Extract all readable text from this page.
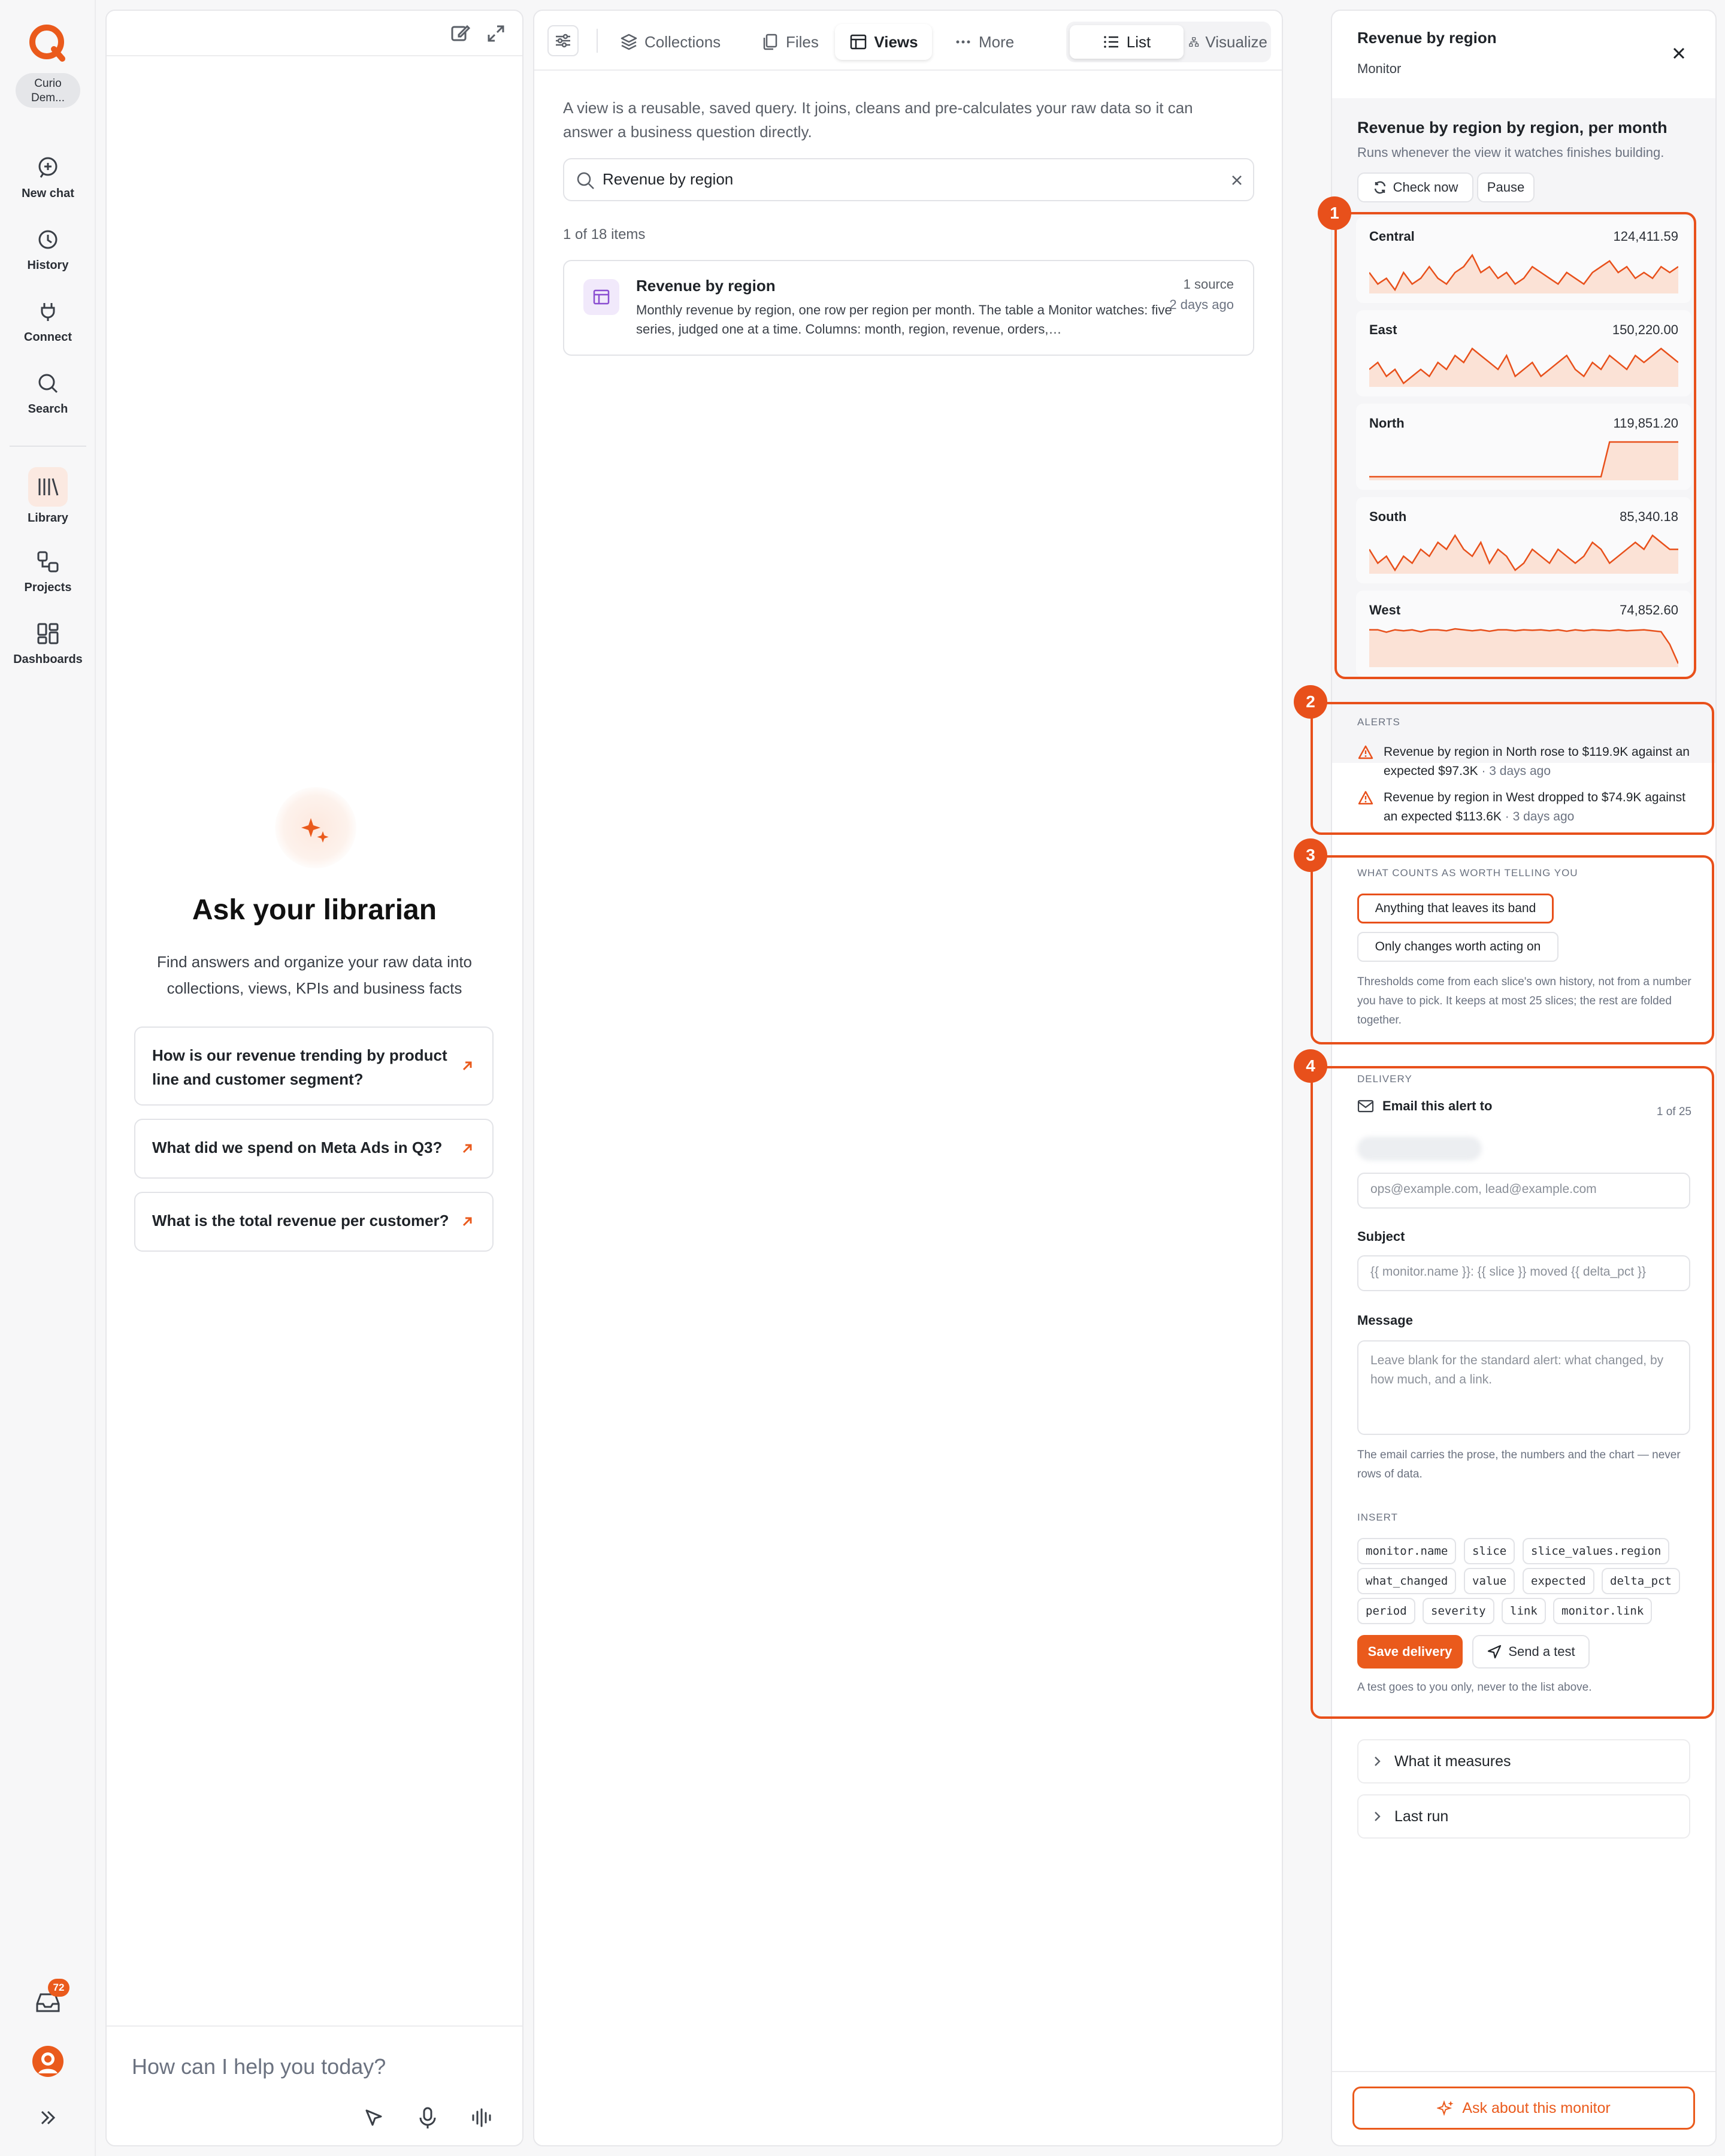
Curio Dem...
New chat
History
Connect
Search
Library
Projects
Dashboards
72
Ask your librarian
Find answers and organize your raw data into collections, views, KPIs and business facts
How is our revenue trending by product line and customer segment?
What did we spend on Meta Ads in Q3?
What is the total revenue per customer?
How can I help you today?
Collections	Files	Views	More	List	Visualize
A view is a reusable, saved query. It joins, cleans and pre-calculates your raw data so it can answer a business question directly.
Revenue by region
1 of 18 items
Revenue by region
Monthly revenue by region, one row per region per month. The table a Monitor watches: five series, judged one at a time. Columns: month, region, revenue, orders,…
1 source
2 days ago
Revenue by region
Monitor
Revenue by region by region, per month
Runs whenever the view it watches finishes building.
Check now Pause
Central	124,411.59
East	150,220.00
North	119,851.20
South	85,340.18
West	74,852.60
ALERTS
Revenue by region in North rose to $119.9K against an expected $97.3K · 3 days ago
Revenue by region in West dropped to $74.9K against an expected $113.6K · 3 days ago
WHAT COUNTS AS WORTH TELLING YOU
Anything that leaves its band
Only changes worth acting on
Thresholds come from each slice's own history, not from a number you have to pick. It keeps at most 25 slices; the rest are folded together.
DELIVERY
Email this alert to	1 of 25
ops@example.com, lead@example.com
Subject
{{ monitor.name }}: {{ slice }} moved {{ delta_pct }}
Message
Leave blank for the standard alert: what changed, by how much, and a link.
The email carries the prose, the numbers and the chart — never rows of data.
INSERT
monitor.name	slice	slice_values.region
what_changed	value	expected	delta_pct
period	severity	link	monitor.link
Save delivery	Send a test
A test goes to you only, never to the list above.
What it measures
Last run
Ask about this monitor
1
2
3
4
